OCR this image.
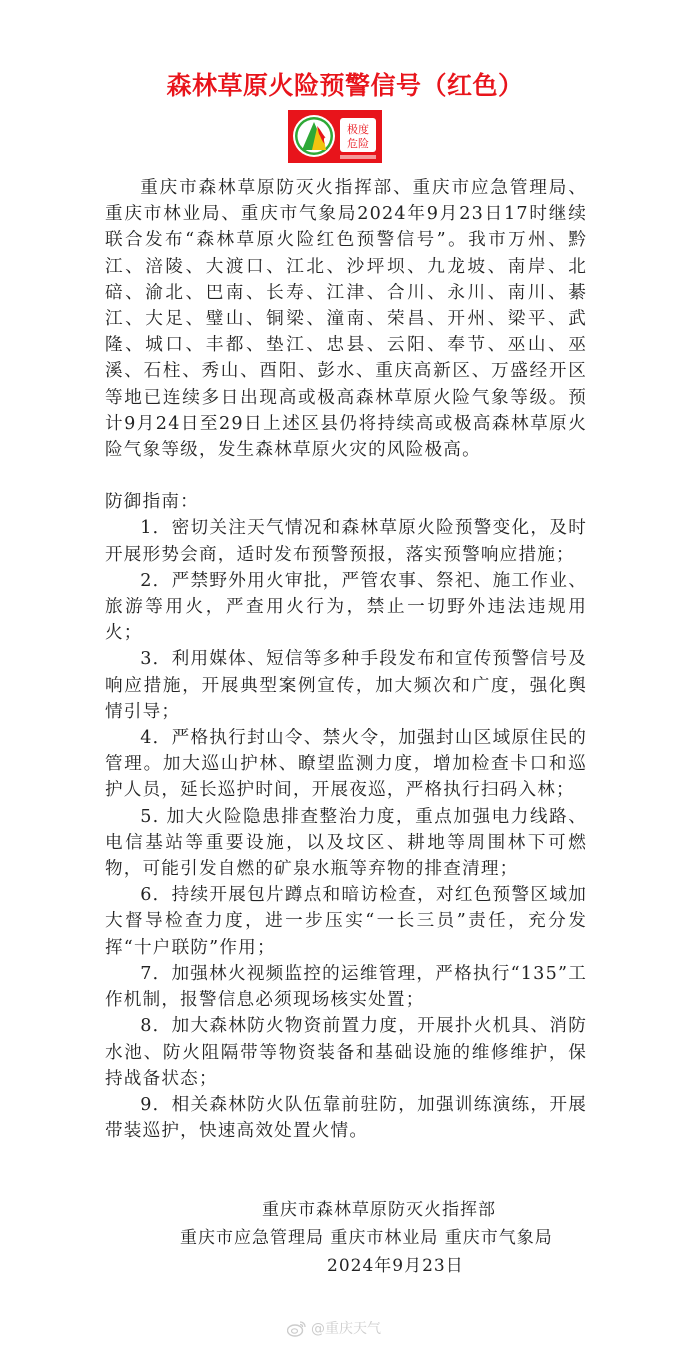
森林草原火险预警信号（红色）
极度
危险

重庆市森林草原防灭火指挥部、重庆市应急管理局、重庆市林业局、重庆市气象局2024年9月23日17时继续联合发布“森林草原火险红色预警信号”。我市万州、黔江、涪陵、大渡口、江北、沙坪坝、九龙坡、南岸、北碚、渝北、巴南、长寿、江津、合川、永川、南川、綦江、大足、璧山、铜梁、潼南、荣昌、开州、梁平、武隆、城口、丰都、垫江、忠县、云阳、奉节、巫山、巫溪、石柱、秀山、酉阳、彭水、重庆高新区、万盛经开区等地已连续多日出现高或极高森林草原火险气象等级。预计9月24日至29日上述区县仍将持续高或极高森林草原火险气象等级，发生森林草原火灾的风险极高。

防御指南：

1．密切关注天气情况和森林草原火险预警变化，及时开展形势会商，适时发布预警预报，落实预警响应措施；

2．严禁野外用火审批，严管农事、祭祀、施工作业、旅游等用火，严查用火行为，禁止一切野外违法违规用火；

3．利用媒体、短信等多种手段发布和宣传预警信号及响应措施，开展典型案例宣传，加大频次和广度，强化舆情引导；

4．严格执行封山令、禁火令，加强封山区域原住民的管理。加大巡山护林、瞭望监测力度，增加检查卡口和巡护人员，延长巡护时间，开展夜巡，严格执行扫码入林；

5. 加大火险隐患排查整治力度，重点加强电力线路、电信基站等重要设施，以及坟区、耕地等周围林下可燃物，可能引发自燃的矿泉水瓶等弃物的排查清理；

6．持续开展包片蹲点和暗访检查，对红色预警区域加大督导检查力度，进一步压实“一长三员”责任，充分发挥“十户联防”作用；

7．加强林火视频监控的运维管理，严格执行“135”工作机制，报警信息必须现场核实处置；

8．加大森林防火物资前置力度，开展扑火机具、消防水池、防火阻隔带等物资装备和基础设施的维修维护，保持战备状态；

9．相关森林防火队伍靠前驻防，加强训练演练，开展带装巡护，快速高效处置火情。

重庆市森林草原防灭火指挥部
重庆市应急管理局 重庆市林业局 重庆市气象局
2024年9月23日
@重庆天气
